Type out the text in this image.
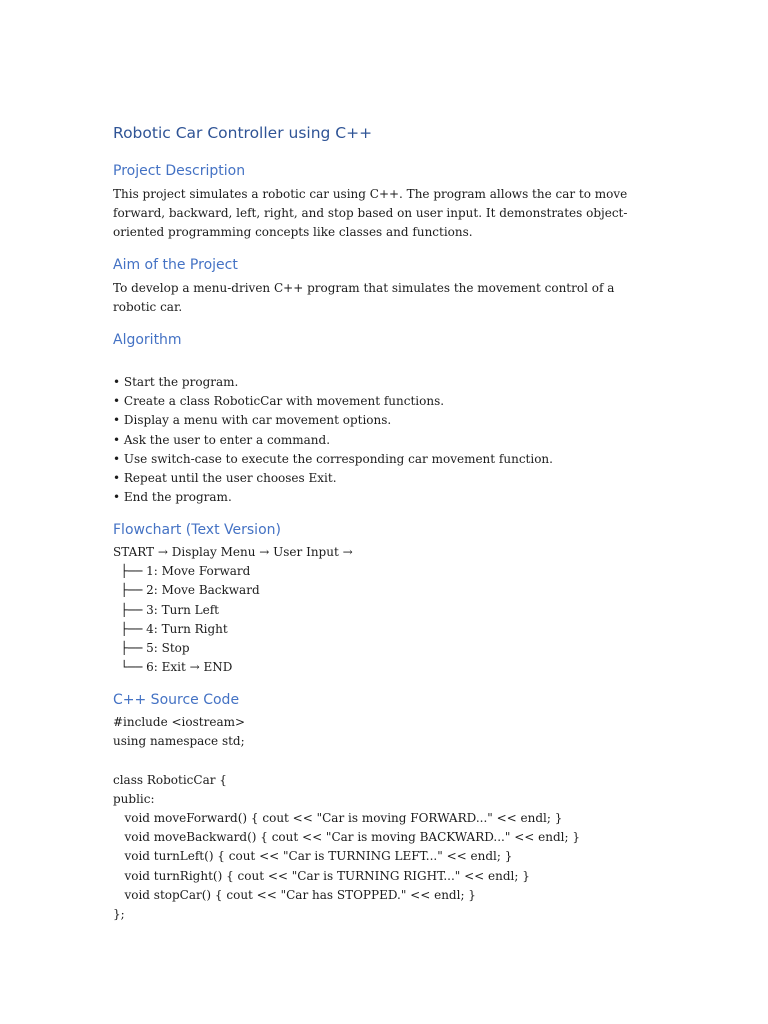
Robotic Car Controller using C++
Project Description

This project simulates a robotic car using C++. The program allows the car to move forward, backward, left, right, and stop based on user input. It demonstrates object-oriented programming concepts like classes and functions.

Aim of the Project

To develop a menu-driven C++ program that simulates the movement control of a robotic car.

Algorithm
• Start the program.
• Create a class RoboticCar with movement functions.
• Display a menu with car movement options.
• Ask the user to enter a command.
• Use switch-case to execute the corresponding car movement function.
• Repeat until the user chooses Exit.
• End the program.
Flowchart (Text Version)
START → Display Menu → User Input →
├── 1: Move Forward
├── 2: Move Backward
├── 3: Turn Left
├── 4: Turn Right
├── 5: Stop
└── 6: Exit → END
C++ Source Code
#include <iostream>
using namespace std;
class RoboticCar {
public:
void moveForward() { cout << "Car is moving FORWARD..." << endl; }
void moveBackward() { cout << "Car is moving BACKWARD..." << endl; }
void turnLeft() { cout << "Car is TURNING LEFT..." << endl; }
void turnRight() { cout << "Car is TURNING RIGHT..." << endl; }
void stopCar() { cout << "Car has STOPPED." << endl; }
};
